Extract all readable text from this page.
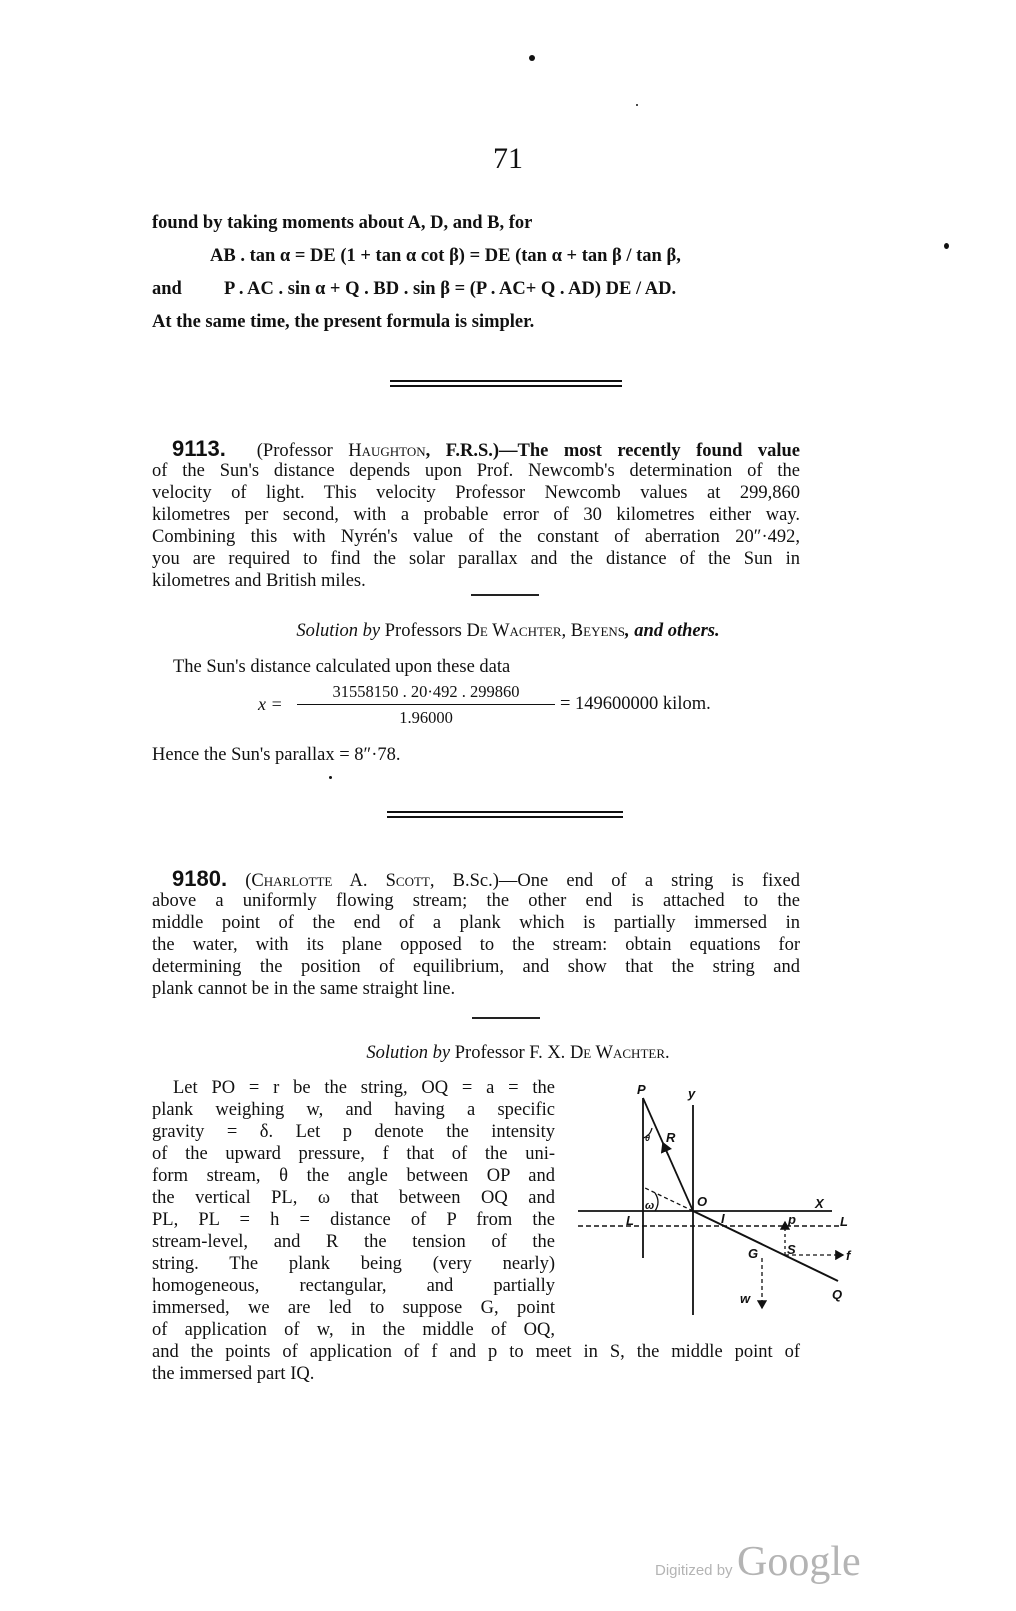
71
found by taking moments about A, D, and B, for
AB . tan α = DE (1 + tan α cot β) = DE (tan α + tan β / tan β,
and	P . AC . sin α + Q . BD . sin β = (P . AC+ Q . AD) DE / AD.
At the same time, the present formula is simpler.
9113. (Professor Haughton, F.R.S.)—The most recently found value
of the Sun's distance depends upon Prof. Newcomb's determination of the
velocity of light. This velocity Professor Newcomb values at 299,860
kilometres per second, with a probable error of 30 kilometres either way.
Combining this with Nyrén's value of the constant of aberration 20″·492,
you are required to find the solar parallax and the distance of the Sun in
kilometres and British miles.
Solution by Professors De Wachter, Beyens, and others.
The Sun's distance calculated upon these data
x =
31558150 . 20·492 . 299860
1.96000
= 149600000 kilom.
Hence the Sun's parallax = 8″·78.
9180. (Charlotte A. Scott, B.Sc.)—One end of a string is fixed
above a uniformly flowing stream; the other end is attached to the
middle point of the end of a plank which is partially immersed in
the water, with its plane opposed to the stream: obtain equations for
determining the position of equilibrium, and show that the string and
plank cannot be in the same straight line.
Solution by Professor F. X. De Wachter.
Let PO = r be the string, OQ = a = the
plank weighing w, and having a specific
gravity = δ. Let p denote the intensity
of the upward pressure, f that of the uni-
form stream, θ the angle between OP and
the vertical PL, ω that between OQ and
PL, PL = h = distance of P from the
stream-level, and R the tension of the
string. The plank being (very nearly)
homogeneous, rectangular, and partially
immersed, we are led to suppose G, point
of application of w, in the middle of OQ,
and the points of application of f and p to meet in S, the middle point of
the immersed part IQ.
P	y
θ R
ω	O	X
L	I	p	L
S	f
G
w	Q
Digitized by Google
